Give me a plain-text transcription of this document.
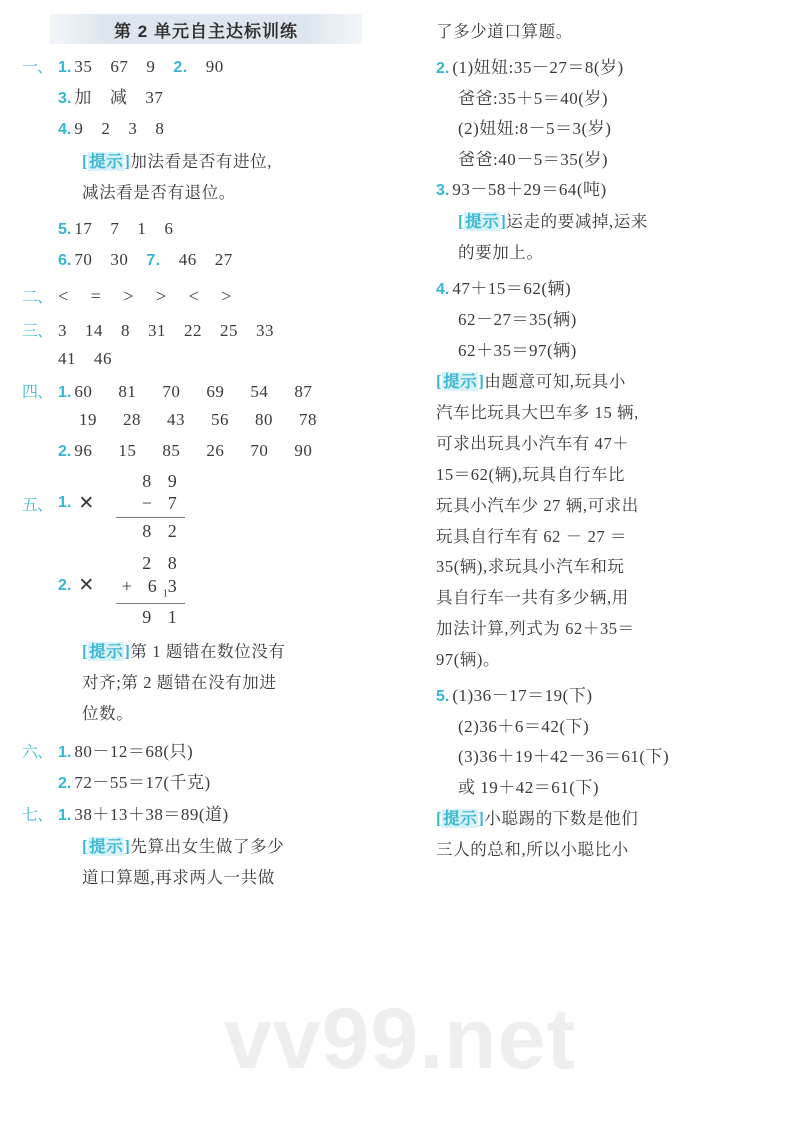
vv99.net
第 2 单元自主达标训练
一、 1. 35 67 9 2. 90
3. 加 减 37
4. 9 2 3 8

[提示]加法看是否有进位,

减法看是否有退位。

5. 17 7 1 6
6. 70 30 7. 46 27
二、 < = > > < >
三、 3 14 8 31 22 25 33
41 46
四、 1. 60 81 70 69 54 87
19 28 43 56 80 78
2. 96 15 85 26 70 90
五、 1. ✕
8 9
− 7
8 2
2. ✕
2 8
+ $6_13$
9 1

[提示]第 1 题错在数位没有

对齐;第 2 题错在没有加进

位数。

六、 1. 80－12＝68(只)
2. 72－55＝17(千克)
七、 1. 38＋13＋38＝89(道)

[提示]先算出女生做了多少

道口算题,再求两人一共做

了多少道口算题。

2. (1)妞妞:35－27＝8(岁)
爸爸:35＋5＝40(岁)
(2)妞妞:8－5＝3(岁)
爸爸:40－5＝35(岁)
3. 93－58＋29＝64(吨)

[提示]运走的要减掉,运来

的要加上。

4. 47＋15＝62(辆)
62－27＝35(辆)
62＋35＝97(辆)

[提示]由题意可知,玩具小

汽车比玩具大巴车多 15 辆,

可求出玩具小汽车有 47＋

15＝62(辆),玩具自行车比

玩具小汽车少 27 辆,可求出

玩具自行车有 62 － 27 ＝

35(辆),求玩具小汽车和玩

具自行车一共有多少辆,用

加法计算,列式为 62＋35＝

97(辆)。

5. (1)36－17＝19(下)
(2)36＋6＝42(下)
(3)36＋19＋42－36＝61(下)
或 19＋42＝61(下)

[提示]小聪踢的下数是他们

三人的总和,所以小聪比小
